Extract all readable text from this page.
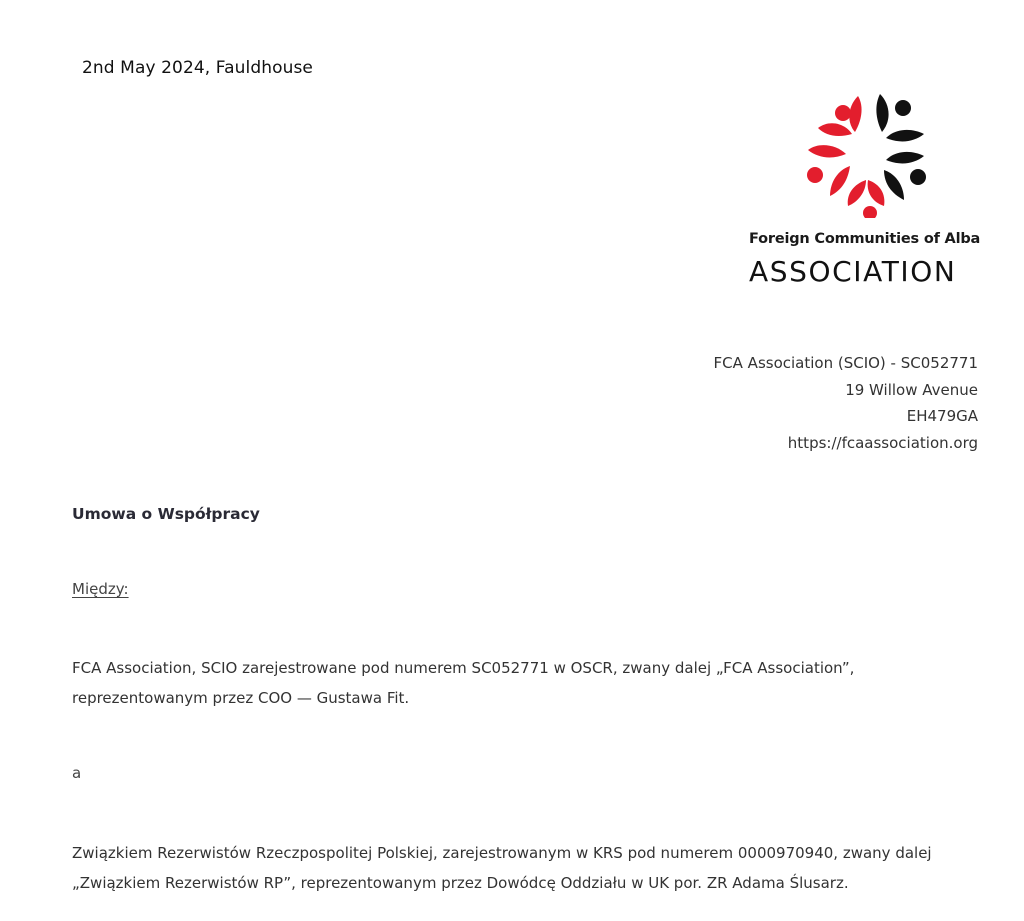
2nd May 2024, Fauldhouse
Foreign Communities of Alba
ASSOCIATION
FCA Association (SCIO) - SC052771
19 Willow Avenue
EH479GA
https://fcaassociation.org
Umowa o Współpracy
Między:
FCA Association, SCIO zarejestrowane pod numerem SC052771 w OSCR, zwany dalej „FCA Association”, reprezentowanym przez COO — Gustawa Fit.
a
Związkiem Rezerwistów Rzeczpospolitej Polskiej, zarejestrowanym w KRS pod numerem 0000970940, zwany dalej „Związkiem Rezerwistów RP”, reprezentowanym przez Dowódcę Oddziału w UK por. ZR Adama Ślusarz.
